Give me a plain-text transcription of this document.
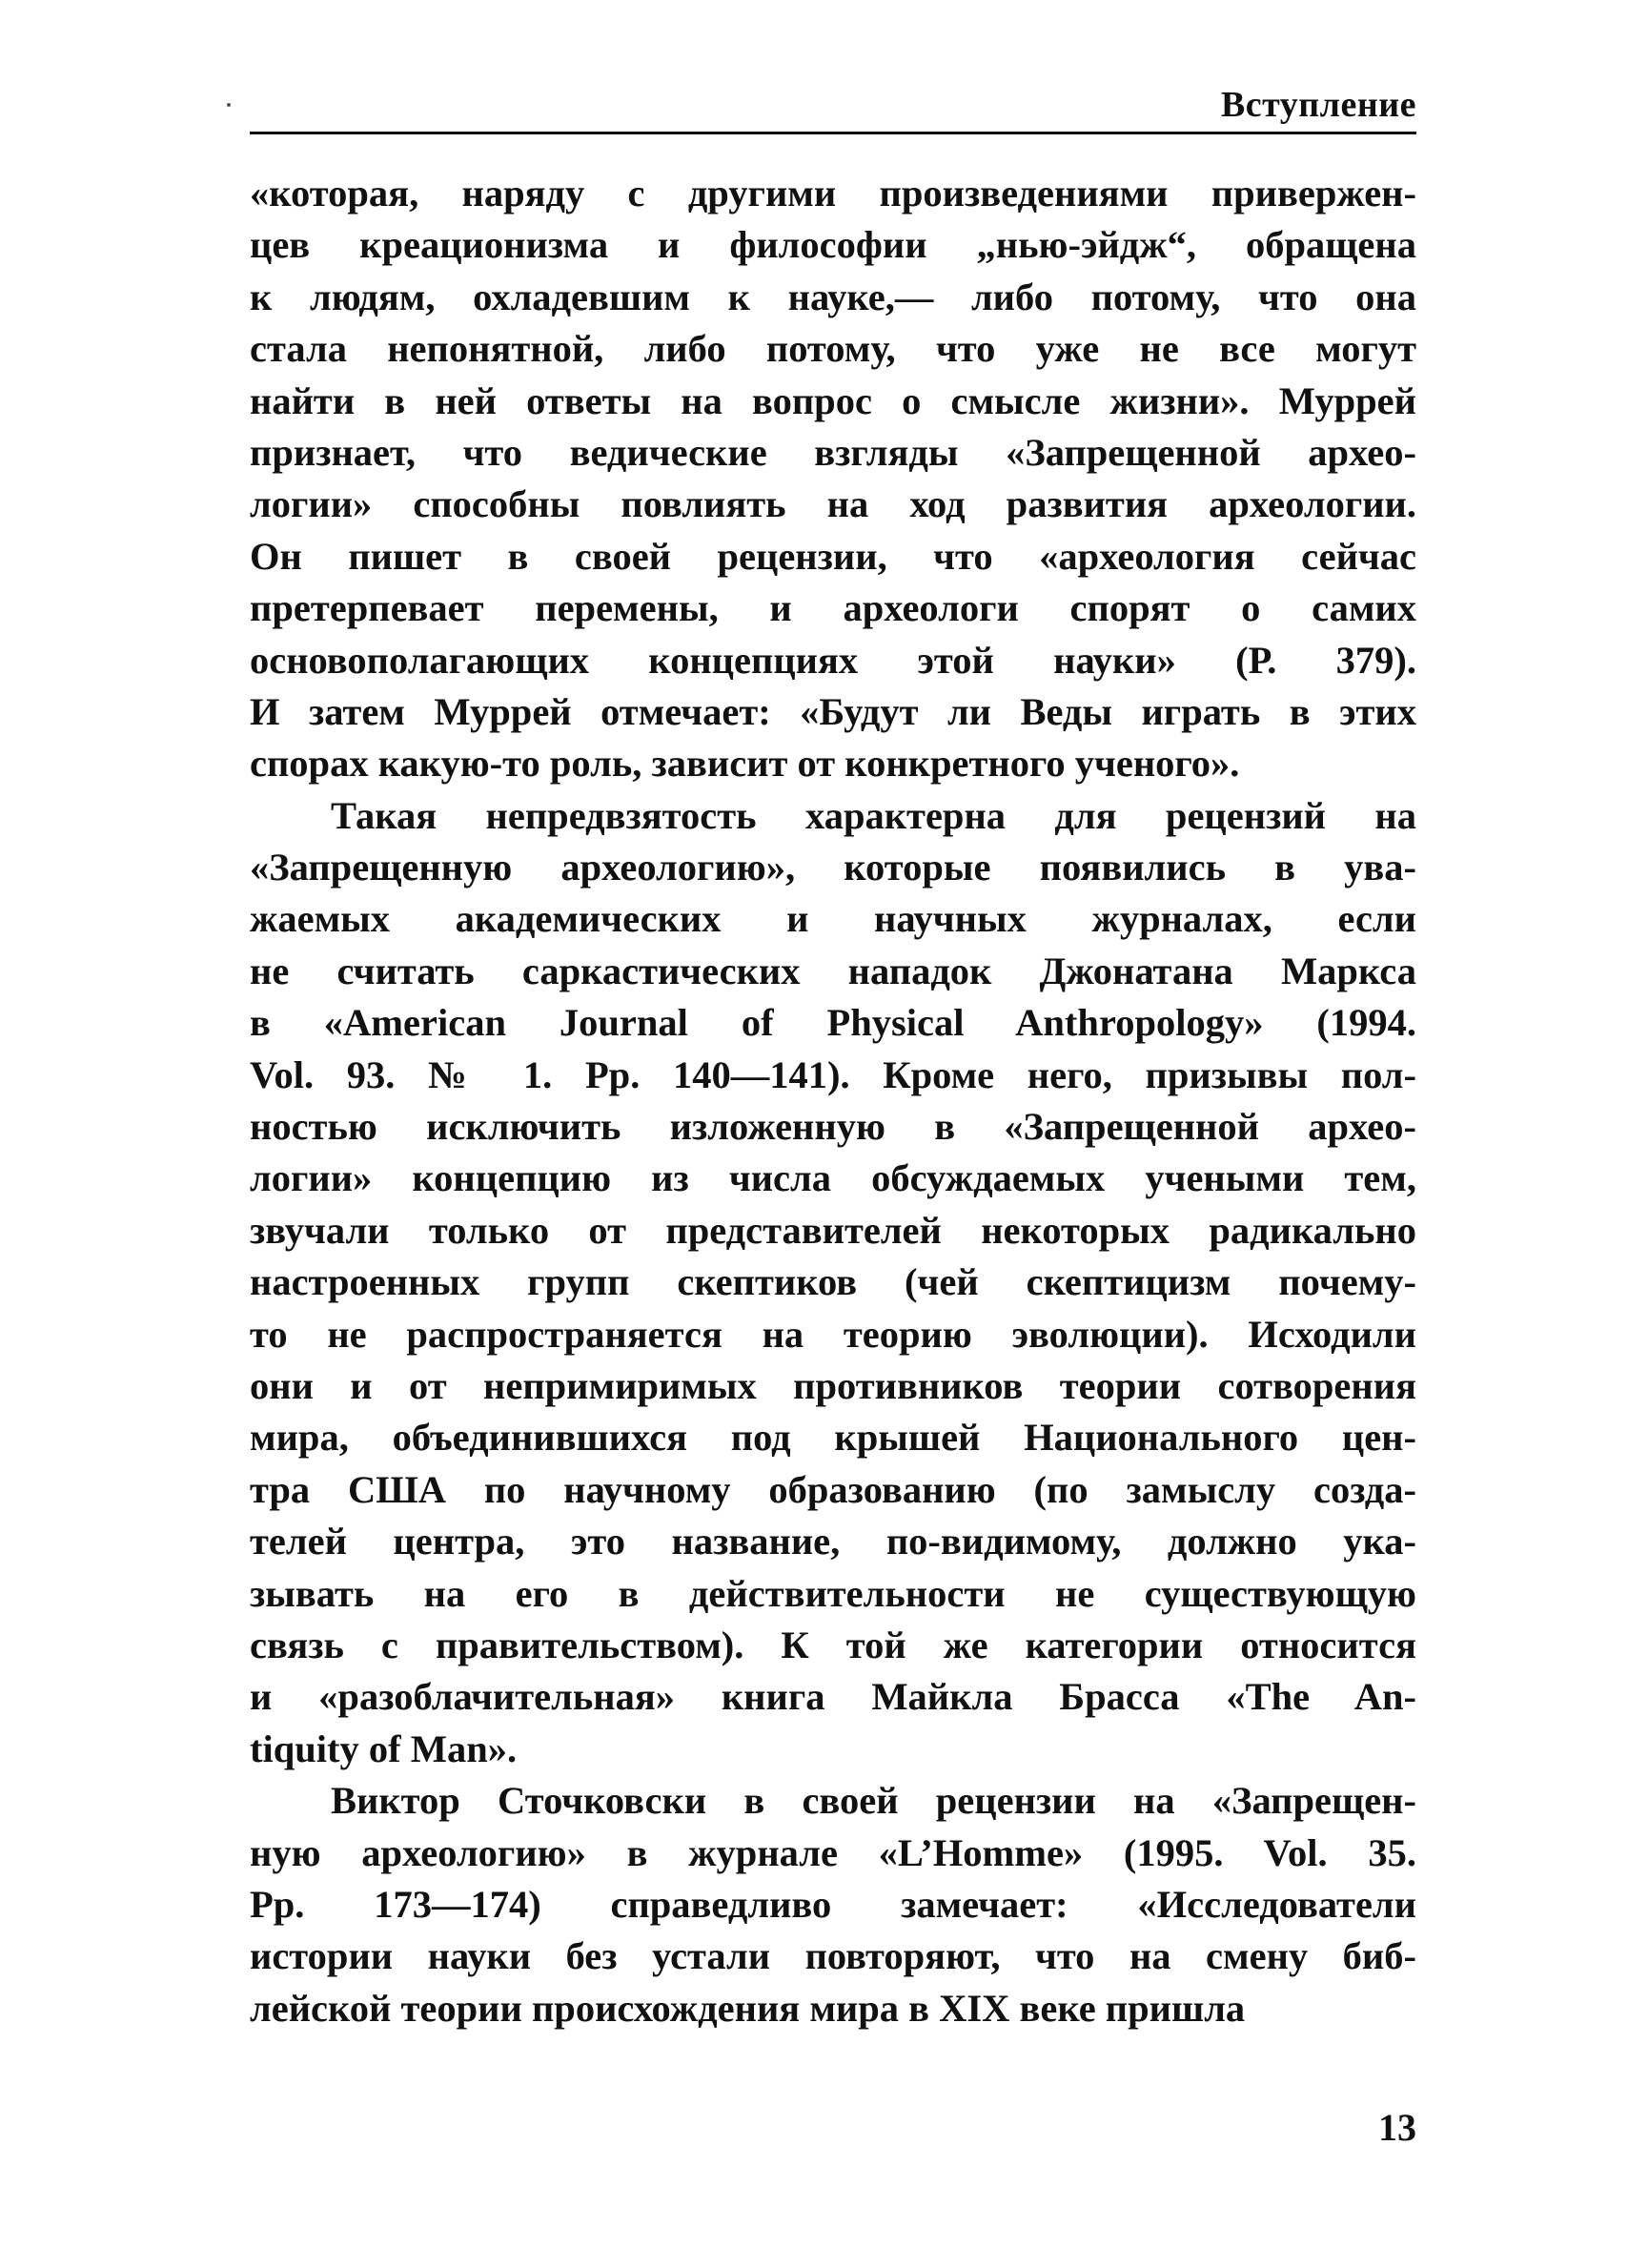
Вступление
«которая, наряду с другими произведениями привержен-
цев креационизма и философии „нью-эйдж“, обращена
к людям, охладевшим к науке,— либо потому, что она
стала непонятной, либо потому, что уже не все могут
найти в ней ответы на вопрос о смысле жизни». Муррей
признает, что ведические взгляды «Запрещенной архео-
логии» способны повлиять на ход развития археологии.
Он пишет в своей рецензии, что «археология сейчас
претерпевает перемены, и археологи спорят о самих
основополагающих концепциях этой науки» (Р. 379).
И затем Муррей отмечает: «Будут ли Веды играть в этих
спорах какую-то роль, зависит от конкретного ученого».
Такая непредвзятость характерна для рецензий на
«Запрещенную археологию», которые появились в ува-
жаемых академических и научных журналах, если
не считать саркастических нападок Джонатана Маркса
в «American Journal of Physical Anthropology» (1994.
Vol. 93. № 1. Pp. 140—141). Кроме него, призывы пол-
ностью исключить изложенную в «Запрещенной архео-
логии» концепцию из числа обсуждаемых учеными тем,
звучали только от представителей некоторых радикально
настроенных групп скептиков (чей скептицизм почему-
то не распространяется на теорию эволюции). Исходили
они и от непримиримых противников теории сотворения
мира, объединившихся под крышей Национального цен-
тра США по научному образованию (по замыслу созда-
телей центра, это название, по-видимому, должно ука-
зывать на его в действительности не существующую
связь с правительством). К той же категории относится
и «разоблачительная» книга Майкла Брасса «The An-
tiquity of Man».
Виктор Сточковски в своей рецензии на «Запрещен-
ную археологию» в журнале «L’Homme» (1995. Vol. 35.
Pp. 173—174) справедливо замечает: «Исследователи
истории науки без устали повторяют, что на смену биб-
лейской теории происхождения мира в XIX веке пришла
13
